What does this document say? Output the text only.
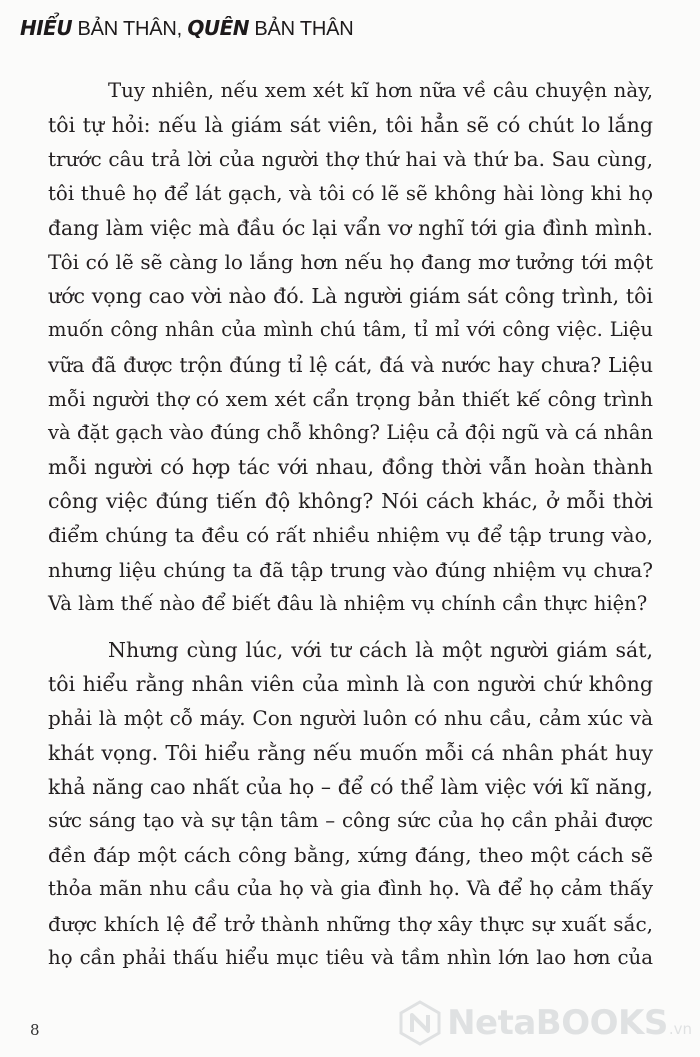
HIỂU BẢN THÂN, QUÊN BẢN THÂN
Tuy nhiên, nếu xem xét kĩ hơn nữa về câu chuyện này,
tôi tự hỏi: nếu là giám sát viên, tôi hẳn sẽ có chút lo lắng
trước câu trả lời của người thợ thứ hai và thứ ba. Sau cùng,
tôi thuê họ để lát gạch, và tôi có lẽ sẽ không hài lòng khi họ
đang làm việc mà đầu óc lại vẩn vơ nghĩ tới gia đình mình.
Tôi có lẽ sẽ càng lo lắng hơn nếu họ đang mơ tưởng tới một
ước vọng cao vời nào đó. Là người giám sát công trình, tôi
muốn công nhân của mình chú tâm, tỉ mỉ với công việc. Liệu
vữa đã được trộn đúng tỉ lệ cát, đá và nước hay chưa? Liệu
mỗi người thợ có xem xét cẩn trọng bản thiết kế công trình
và đặt gạch vào đúng chỗ không? Liệu cả đội ngũ và cá nhân
mỗi người có hợp tác với nhau, đồng thời vẫn hoàn thành
công việc đúng tiến độ không? Nói cách khác, ở mỗi thời
điểm chúng ta đều có rất nhiều nhiệm vụ để tập trung vào,
nhưng liệu chúng ta đã tập trung vào đúng nhiệm vụ chưa?
Và làm thế nào để biết đâu là nhiệm vụ chính cần thực hiện?
Nhưng cùng lúc, với tư cách là một người giám sát,
tôi hiểu rằng nhân viên của mình là con người chứ không
phải là một cỗ máy. Con người luôn có nhu cầu, cảm xúc và
khát vọng. Tôi hiểu rằng nếu muốn mỗi cá nhân phát huy
khả năng cao nhất của họ – để có thể làm việc với kĩ năng,
sức sáng tạo và sự tận tâm – công sức của họ cần phải được
đền đáp một cách công bằng, xứng đáng, theo một cách sẽ
thỏa mãn nhu cầu của họ và gia đình họ. Và để họ cảm thấy
được khích lệ để trở thành những thợ xây thực sự xuất sắc,
họ cần phải thấu hiểu mục tiêu và tầm nhìn lớn lao hơn của
8	NetaBOOKS .vn
